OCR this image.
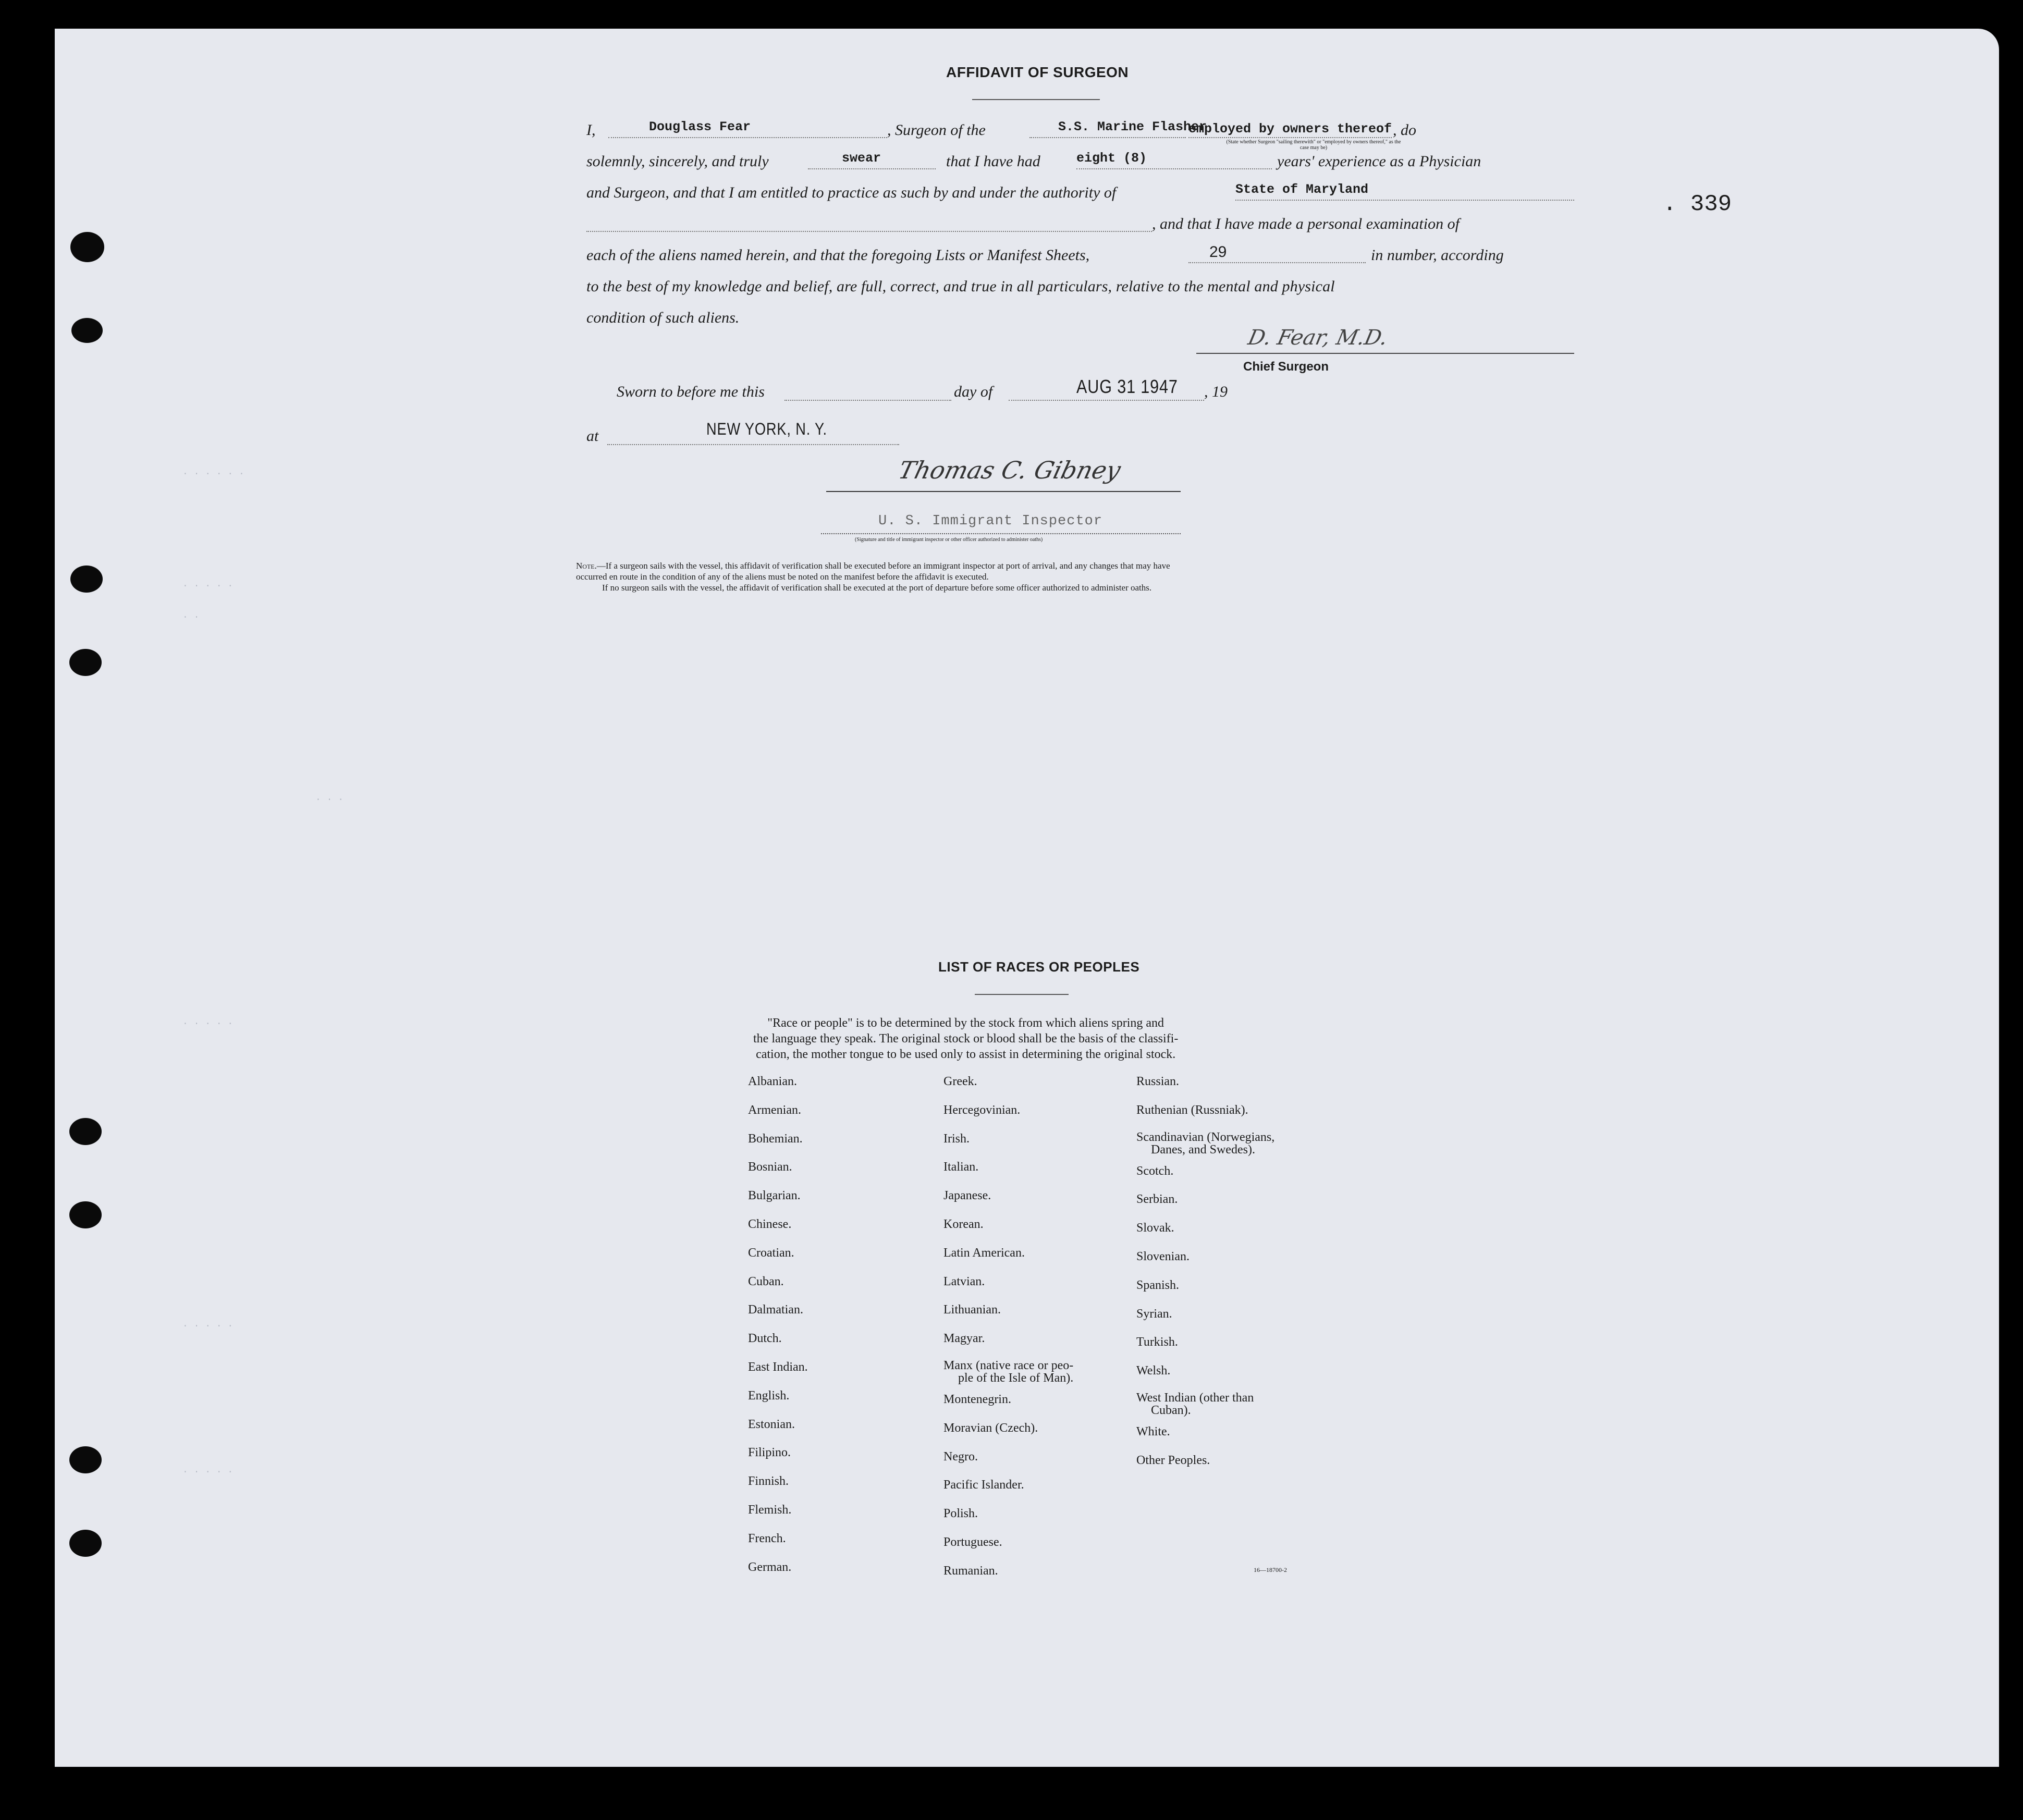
AFFIDAVIT OF SURGEON
. 339
I,	Douglass Fear	, Surgeon of the	S.S. Marine Flasher
employed by owners thereof
(State whether Surgeon "sailing therewith" or "employed by owners thereof," as the case may be)
, do
solemnly, sincerely, and truly	swear	that I have had	eight (8)	years' experience as a Physician
and Surgeon, and that I am entitled to practice as such by and under the authority of	State of Maryland
, and that I have made a personal examination of
each of the aliens named herein, and that the foregoing Lists or Manifest Sheets,	29	in number, according
to the best of my knowledge and belief, are full, correct, and true in all particulars, relative to the mental and physical
condition of such aliens.
D. Fear, M.D.
Chief Surgeon
Sworn to before me this	day of	AUG 31 1947 , 19
at	NEW YORK, N. Y.
Thomas C. Gibney
U. S. Immigrant Inspector
(Signature and title of immigrant inspector or other officer authorized to administer oaths)
Note.—If a surgeon sails with the vessel, this affidavit of verification shall be executed before an immigrant inspector at port of arrival, and any changes that may have
occurred en route in the condition of any of the aliens must be noted on the manifest before the affidavit is executed.
If no surgeon sails with the vessel, the affidavit of verification shall be executed at the port of departure before some officer authorized to administer oaths.
· · · · · ·
· · · · ·
· ·
· · ·
· · · · ·
· · · · ·
· · · · ·
LIST OF RACES OR PEOPLES
"Race or people" is to be determined by the stock from which aliens spring and
the language they speak. The original stock or blood shall be the basis of the classifi-
cation, the mother tongue to be used only to assist in determining the original stock.
Albanian.
Armenian.
Bohemian.
Bosnian.
Bulgarian.
Chinese.
Croatian.
Cuban.
Dalmatian.
Dutch.
East Indian.
English.
Estonian.
Filipino.
Finnish.
Flemish.
French.
German.
Greek.
Hercegovinian.
Irish.
Italian.
Japanese.
Korean.
Latin American.
Latvian.
Lithuanian.
Magyar.
Manx (native race or peo-
ple of the Isle of Man).
Montenegrin.
Moravian (Czech).
Negro.
Pacific Islander.
Polish.
Portuguese.
Rumanian.
Russian.
Ruthenian (Russniak).
Scandinavian (Norwegians,
Danes, and Swedes).
Scotch.
Serbian.
Slovak.
Slovenian.
Spanish.
Syrian.
Turkish.
Welsh.
West Indian (other than
Cuban).
White.
Other Peoples.
16—18700-2
